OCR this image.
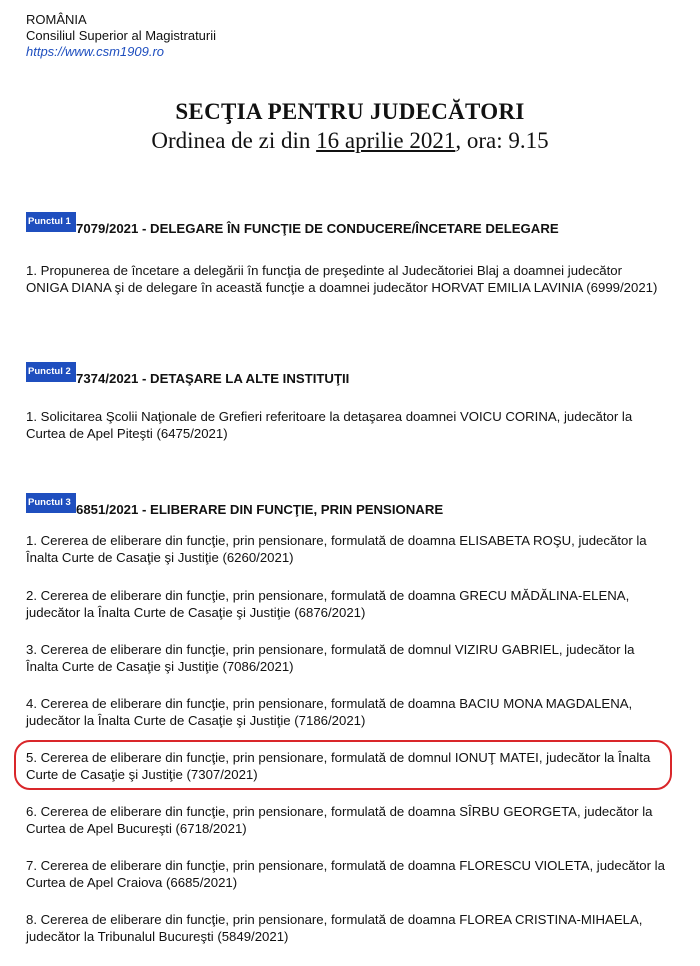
ROMÂNIA
Consiliul Superior al Magistraturii
https://www.csm1909.ro
SECŢIA PENTRU JUDECĂTORI
Ordinea de zi din 16 aprilie 2021, ora: 9.15
Punctul 1 7079/2021 - DELEGARE ÎN FUNCŢIE DE CONDUCERE/ÎNCETARE DELEGARE
1. Propunerea de încetare a delegării în funcţia de preşedinte al Judecătoriei Blaj a doamnei judecător ONIGA DIANA şi de delegare în această funcţie a doamnei judecător HORVAT EMILIA LAVINIA (6999/2021)
Punctul 2 7374/2021 - DETAŞARE LA ALTE INSTITUŢII
1. Solicitarea Şcolii Naţionale de Grefieri referitoare la detaşarea doamnei VOICU CORINA, judecător la Curtea de Apel Piteşti (6475/2021)
Punctul 3 6851/2021 - ELIBERARE DIN FUNCŢIE, PRIN PENSIONARE
1. Cererea de eliberare din funcţie, prin pensionare, formulată de doamna ELISABETA ROŞU, judecător la Înalta Curte de Casaţie şi Justiţie (6260/2021)
2. Cererea de eliberare din funcţie, prin pensionare, formulată de doamna GRECU MĂDĂLINA-ELENA, judecător la Înalta Curte de Casaţie şi Justiţie (6876/2021)
3. Cererea de eliberare din funcţie, prin pensionare, formulată de domnul VIZIRU GABRIEL, judecător la Înalta Curte de Casaţie şi Justiţie (7086/2021)
4. Cererea de eliberare din funcţie, prin pensionare, formulată de doamna BACIU MONA MAGDALENA, judecător la Înalta Curte de Casaţie şi Justiţie (7186/2021)
5. Cererea de eliberare din funcţie, prin pensionare, formulată de domnul IONUŢ MATEI, judecător la Înalta Curte de Casaţie şi Justiţie (7307/2021)
6. Cererea de eliberare din funcţie, prin pensionare, formulată de doamna SÎRBU GEORGETA, judecător la Curtea de Apel Bucureşti (6718/2021)
7. Cererea de eliberare din funcţie, prin pensionare, formulată de doamna FLORESCU VIOLETA, judecător la Curtea de Apel Craiova (6685/2021)
8. Cererea de eliberare din funcţie, prin pensionare, formulată de doamna FLOREA CRISTINA-MIHAELA, judecător la Tribunalul Bucureşti (5849/2021)
